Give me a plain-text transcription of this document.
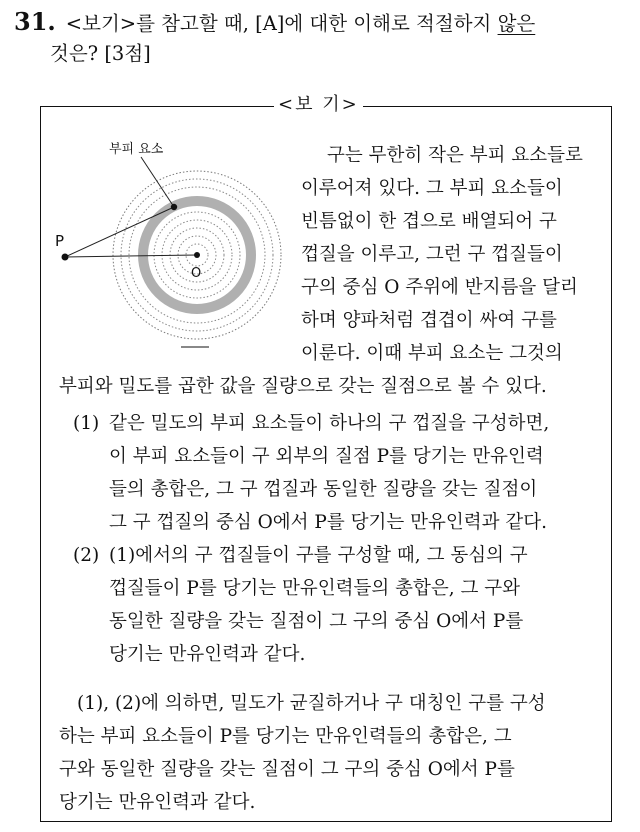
31. <보기>를 참고할 때, [A]에 대한 이해로 적절하지 않은
것은? [3점]
<보 기>
부피 요소
P
O
구는 무한히 작은 부피 요소들로
이루어져 있다. 그 부피 요소들이
빈틈없이 한 겹으로 배열되어 구
껍질을 이루고, 그런 구 껍질들이
구의 중심 O 주위에 반지름을 달리
하며 양파처럼 겹겹이 싸여 구를
이룬다. 이때 부피 요소는 그것의
부피와 밀도를 곱한 값을 질량으로 갖는 질점으로 볼 수 있다.
(1) 같은 밀도의 부피 요소들이 하나의 구 껍질을 구성하면,
이 부피 요소들이 구 외부의 질점 P를 당기는 만유인력
들의 총합은, 그 구 껍질과 동일한 질량을 갖는 질점이
그 구 껍질의 중심 O에서 P를 당기는 만유인력과 같다.
(2) (1)에서의 구 껍질들이 구를 구성할 때, 그 동심의 구
껍질들이 P를 당기는 만유인력들의 총합은, 그 구와
동일한 질량을 갖는 질점이 그 구의 중심 O에서 P를
당기는 만유인력과 같다.
(1), (2)에 의하면, 밀도가 균질하거나 구 대칭인 구를 구성
하는 부피 요소들이 P를 당기는 만유인력들의 총합은, 그
구와 동일한 질량을 갖는 질점이 그 구의 중심 O에서 P를
당기는 만유인력과 같다.
